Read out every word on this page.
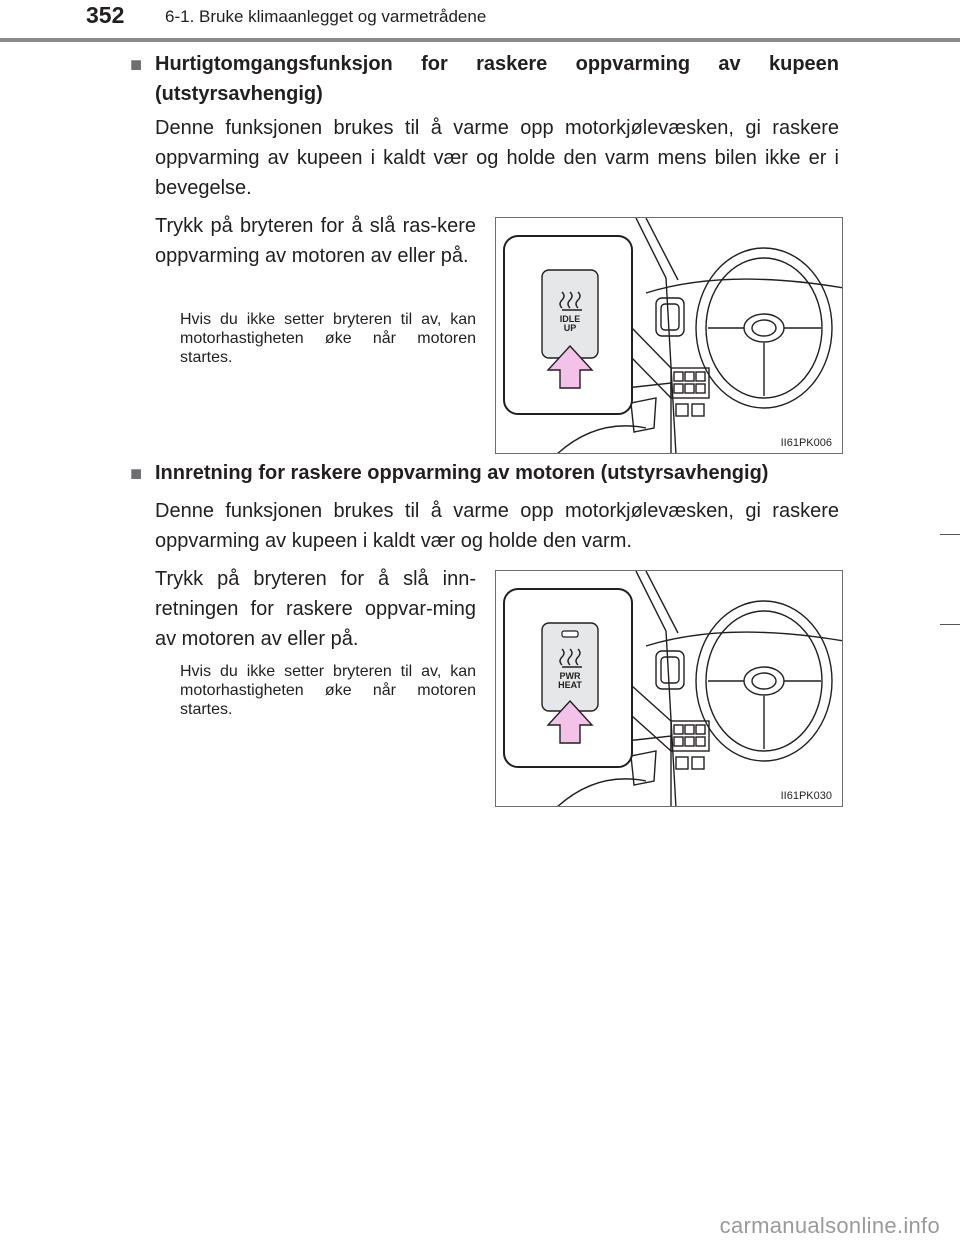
352 6-1. Bruke klimaanlegget og varmetrådene
■ Hurtigtomgangsfunksjon for raskere oppvarming av kupeen (utstyrsavhengig)
Denne funksjonen brukes til å varme opp motorkjølevæsken, gi raskere oppvarming av kupeen i kaldt vær og holde den varm mens bilen ikke er i bevegelse.
Trykk på bryteren for å slå ras-kere oppvarming av motoren av eller på.
Hvis du ikke setter bryteren til av, kan motorhastigheten øke når motoren startes.
IDLE
UP
II61PK006
■ Innretning for raskere oppvarming av motoren (utstyrsavhengig)
Denne funksjonen brukes til å varme opp motorkjølevæsken, gi raskere oppvarming av kupeen i kaldt vær og holde den varm.
Trykk på bryteren for å slå inn-retningen for raskere oppvar-ming av motoren av eller på.
Hvis du ikke setter bryteren til av, kan motorhastigheten øke når motoren startes.
PWR
HEAT
II61PK030
carmanualsonline.info
